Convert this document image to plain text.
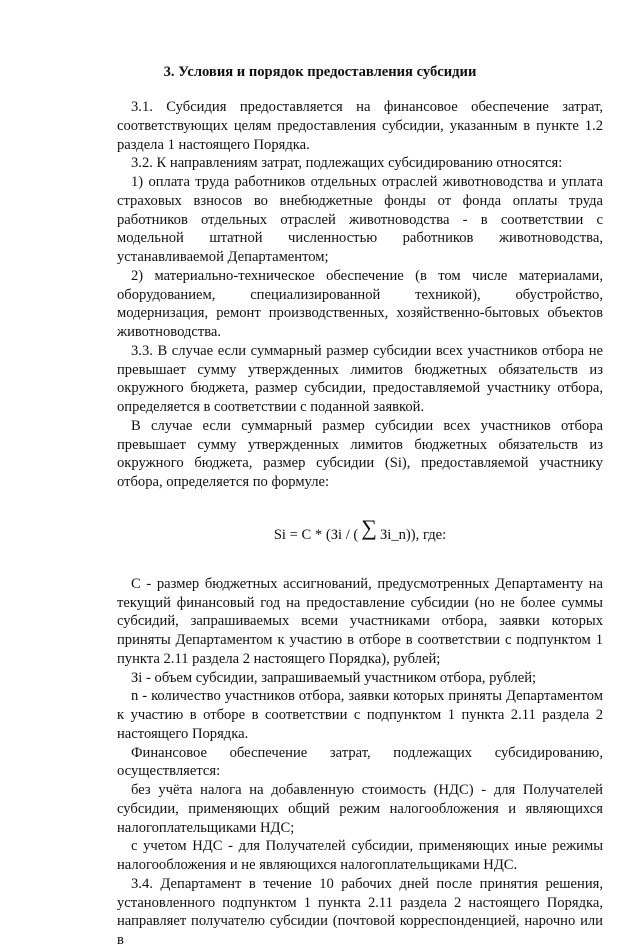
3. Условия и порядок предоставления субсидии

3.1. Субсидия предоставляется на финансовое обеспечение затрат, соответствующих целям предоставления субсидии, указанным в пункте 1.2 раздела 1 настоящего Порядка.

3.2. К направлениям затрат, подлежащих субсидированию относятся:

1) оплата труда работников отдельных отраслей животноводства и уплата страховых взносов во внебюджетные фонды от фонда оплаты труда работников отдельных отраслей животноводства - в соответствии с модельной штатной численностью работников животноводства, устанавливаемой Департаментом;

2) материально-техническое обеспечение (в том числе материалами, оборудованием, специализированной техникой), обустройство, модернизация, ремонт производственных, хозяйственно-бытовых объектов животноводства.

3.3. В случае если суммарный размер субсидии всех участников отбора не превышает сумму утвержденных лимитов бюджетных обязательств из окружного бюджета, размер субсидии, предоставляемой участнику отбора, определяется в соответствии с поданной заявкой.

В случае если суммарный размер субсидии всех участников отбора превышает сумму утвержденных лимитов бюджетных обязательств из окружного бюджета, размер субсидии (Si), предоставляемой участнику отбора, определяется по формуле:

Si = C * (Зi / ( ∑ Зi_n)), где:

С - размер бюджетных ассигнований, предусмотренных Департаменту на текущий финансовый год на предоставление субсидии (но не более суммы субсидий, запрашиваемых всеми участниками отбора, заявки которых приняты Департаментом к участию в отборе в соответствии с подпунктом 1 пункта 2.11 раздела 2 настоящего Порядка), рублей;

Зi - объем субсидии, запрашиваемый участником отбора, рублей;

n - количество участников отбора, заявки которых приняты Департаментом к участию в отборе в соответствии с подпунктом 1 пункта 2.11 раздела 2 настоящего Порядка.

Финансовое обеспечение затрат, подлежащих субсидированию, осуществляется:

без учёта налога на добавленную стоимость (НДС) - для Получателей субсидии, применяющих общий режим налогообложения и являющихся налогоплательщиками НДС;

с учетом НДС - для Получателей субсидии, применяющих иные режимы налогообложения и не являющихся налогоплательщиками НДС.

3.4. Департамент в течение 10 рабочих дней после принятия решения, установленного подпунктом 1 пункта 2.11 раздела 2 настоящего Порядка, направляет получателю субсидии (почтовой корреспонденцией, нарочно или в
